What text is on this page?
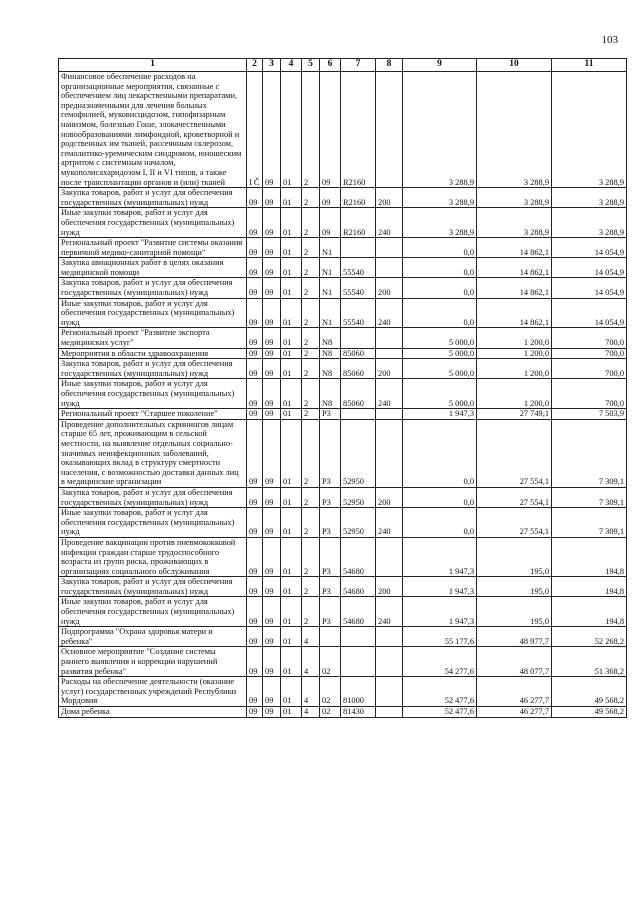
103
1	2	3	4	5	6	7	8	9	10	11
Финансовое обеспечение расходов на организационные мероприятия, связанные с обеспечением лиц лекарственными препаратами, предназначенными для лечения больных гемофилией, муковисцидозом, гипофизарным нанизмом, болезнью Гоше, злокачественными новообразованиями лимфоидной, кроветворной и родственных им тканей, рассеянным склерозом, гемолитико-уремическим синдромом, юношеским артритом с системным началом, мукополисахаридозом I, II и VI типов, а также после трансплантации органов и (или) тканей	I Č	09	01	2	09	R2160		3 288,9	3 288,9	3 288,9
Закупка товаров, работ и услуг для обеспечения государственных (муниципальных) нужд	09	09	01	2	09	R2160	200	3 288,9	3 288,9	3 288,9
Иные закупки товаров, работ и услуг для обеспечения государственных (муниципальных) нужд	09	09	01	2	09	R2160	240	3 288,9	3 288,9	3 288,9
Региональный проект "Развитие системы оказания первичной медико-санитарной помощи"	09	09	01	2	N1			0,0	14 862,1	14 054,9
Закупка авиационных работ в целях оказания медицинской помощи	09	09	01	2	N1	55540		0,0	14 862,1	14 054,9
Закупка товаров, работ и услуг для обеспечения государственных (муниципальных) нужд	09	09	01	2	N1	55540	200	0,0	14 862,1	14 054,9
Иные закупки товаров, работ и услуг для обеспечения государственных (муниципальных) нужд	09	09	01	2	N1	55540	240	0,0	14 862,1	14 054,9
Региональный проект "Развитие экспорта медицинских услуг"	09	09	01	2	N8			5 000,0	1 200,0	700,0
Мероприятия в области здравоохранения	09	09	01	2	N8	85060		5 000,0	1 200,0	700,0
Закупка товаров, работ и услуг для обеспечения государственных (муниципальных) нужд	09	09	01	2	N8	85060	200	5 000,0	1 200,0	700,0
Иные закупки товаров, работ и услуг для обеспечения государственных (муниципальных) нужд	09	09	01	2	N8	85060	240	5 000,0	1 200,0	700,0
Региональный проект "Старшее поколение"	09	09	01	2	P3			1 947,3	27 749,1	7 503,9
Проведение дополнительных скринингов лицам старше 65 лет, проживающим в сельской местности, на выявление отдельных социально-значимых неинфекционных заболеваний, оказывающих вклад в структуру смертности населения, с возможностью доставки данных лиц в медицинские организации	09	09	01	2	P3	52950		0,0	27 554,1	7 309,1
Закупка товаров, работ и услуг для обеспечения государственных (муниципальных) нужд	09	09	01	2	P3	52950	200	0,0	27 554,1	7 309,1
Иные закупки товаров, работ и услуг для обеспечения государственных (муниципальных) нужд	09	09	01	2	P3	52950	240	0,0	27 554,1	7 309,1
Проведение вакцинации против пневмококковой инфекции граждан старше трудоспособного возраста из групп риска, проживающих в организациях социального обслуживания	09	09	01	2	P3	54680		1 947,3	195,0	194,8
Закупка товаров, работ и услуг для обеспечения государственных (муниципальных) нужд	09	09	01	2	P3	54680	200	1 947,3	195,0	194,8
Иные закупки товаров, работ и услуг для обеспечения государственных (муниципальных) нужд	09	09	01	2	P3	54680	240	1 947,3	195,0	194,8
Подпрограмма "Охрана здоровья матери и ребенка"	09	09	01	4				55 177,6	48 977,7	52 268,2
Основное мероприятие "Создание системы раннего выявления и коррекции нарушений развития ребенка"	09	09	01	4	02			54 277,6	48 077,7	51 368,2
Расходы на обеспечение деятельности (оказание услуг) государственных учреждений Республики Мордовия	09	09	01	4	02	81000		52 477,6	46 277,7	49 568,2
Дома ребенка	09	09	01	4	02	81430		52 477,6	46 277,7	49 568,2
